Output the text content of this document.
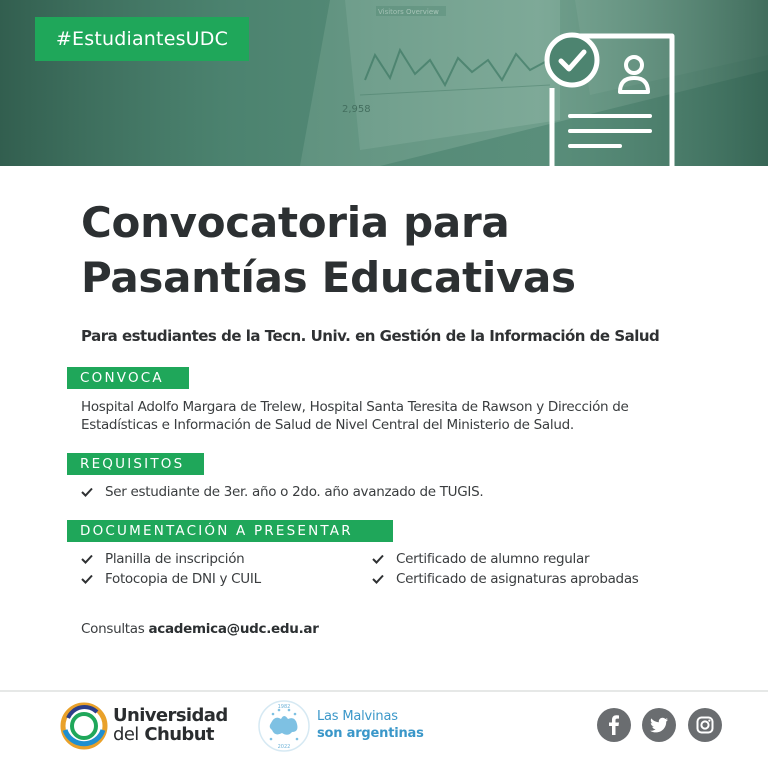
#EstudiantesUDC
Convocatoria para
Pasantías Educativas
Para estudiantes de la Tecn. Univ. en Gestión de la Información de Salud
CONVOCA
Hospital Adolfo Margara de Trelew, Hospital Santa Teresita de Rawson y Dirección de Estadísticas e Información de Salud de Nivel Central del Ministerio de Salud.
REQUISITOS
Ser estudiante de 3er. año o 2do. año avanzado de TUGIS.
DOCUMENTACIÓN A PRESENTAR
Planilla de inscripción
Fotocopia de DNI y CUIL
Certificado de alumno regular
Certificado de asignaturas aprobadas
Consultas academica@udc.edu.ar
Universidad
del Chubut
1982
2022
Las Malvinas
son argentinas
